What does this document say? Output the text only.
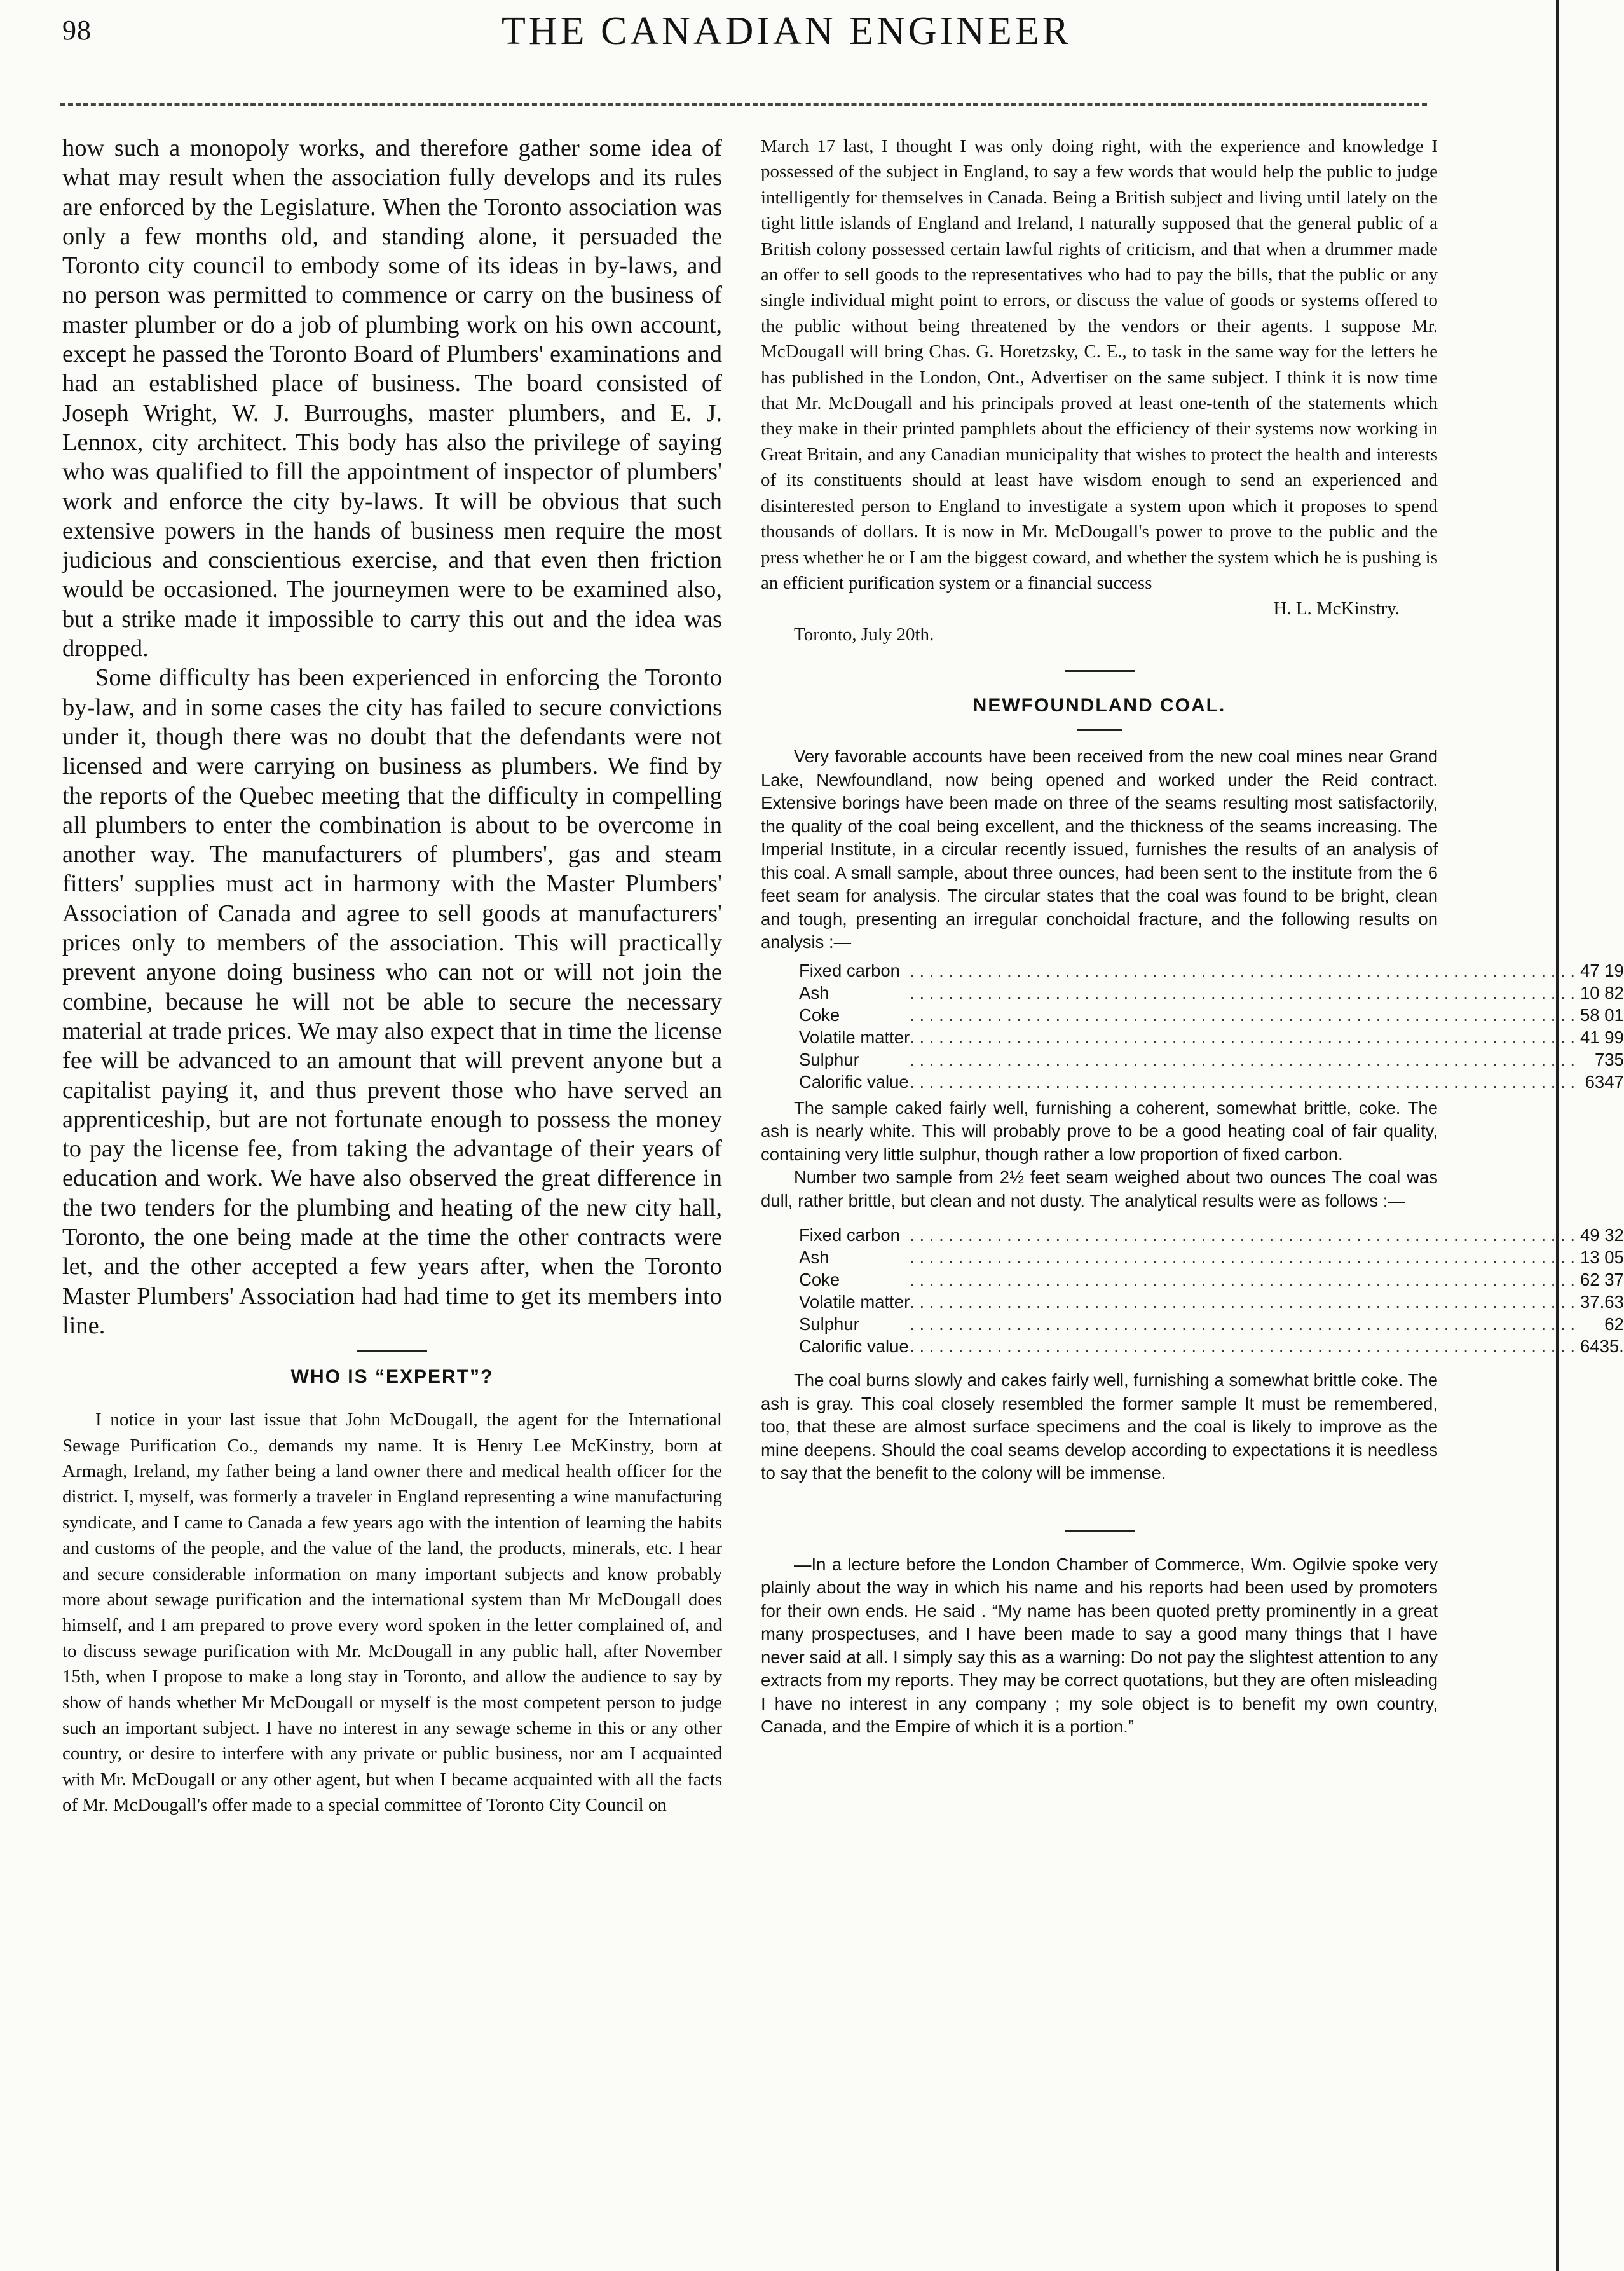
98	THE CANADIAN ENGINEER

how such a monopoly works, and therefore gather some idea of what may result when the association fully develops and its rules are enforced by the Legislature. When the Toronto association was only a few months old, and standing alone, it persuaded the Toronto city council to embody some of its ideas in by-laws, and no person was permitted to commence or carry on the business of master plumber or do a job of plumbing work on his own account, except he passed the Toronto Board of Plumbers' examinations and had an established place of business. The board consisted of Joseph Wright, W. J. Burroughs, master plumbers, and E. J. Lennox, city architect. This body has also the privilege of saying who was qualified to fill the appointment of inspector of plumbers' work and enforce the city by-laws. It will be obvious that such extensive powers in the hands of business men require the most judicious and conscientious exercise, and that even then friction would be occasioned. The journeymen were to be examined also, but a strike made it impossible to carry this out and the idea was dropped.

Some difficulty has been experienced in enforcing the Toronto by-law, and in some cases the city has failed to secure convictions under it, though there was no doubt that the defendants were not licensed and were carrying on business as plumbers. We find by the reports of the Quebec meeting that the difficulty in compelling all plumbers to enter the combination is about to be overcome in another way. The manufacturers of plumbers', gas and steam fitters' supplies must act in harmony with the Master Plumbers' Association of Canada and agree to sell goods at manufacturers' prices only to members of the association. This will practically prevent anyone doing business who can not or will not join the combine, because he will not be able to secure the necessary material at trade prices. We may also expect that in time the license fee will be advanced to an amount that will prevent anyone but a capitalist paying it, and thus prevent those who have served an apprenticeship, but are not fortunate enough to possess the money to pay the license fee, from taking the advantage of their years of education and work. We have also observed the great difference in the two tenders for the plumbing and heating of the new city hall, Toronto, the one being made at the time the other contracts were let, and the other accepted a few years after, when the Toronto Master Plumbers' Association had had time to get its members into line.

WHO IS “EXPERT”?

I notice in your last issue that John McDougall, the agent for the International Sewage Purification Co., demands my name. It is Henry Lee McKinstry, born at Armagh, Ireland, my father being a land owner there and medical health officer for the district. I, myself, was formerly a traveler in England representing a wine manufacturing syndicate, and I came to Canada a few years ago with the intention of learning the habits and customs of the people, and the value of the land, the products, minerals, etc. I hear and secure considerable information on many important subjects and know probably more about sewage purification and the international system than Mr McDougall does himself, and I am prepared to prove every word spoken in the letter complained of, and to discuss sewage purification with Mr. McDougall in any public hall, after November 15th, when I propose to make a long stay in Toronto, and allow the audience to say by show of hands whether Mr McDougall or myself is the most competent person to judge such an important subject. I have no interest in any sewage scheme in this or any other country, or desire to interfere with any private or public business, nor am I acquainted with Mr. McDougall or any other agent, but when I became acquainted with all the facts of Mr. McDougall's offer made to a special committee of Toronto City Council on

March 17 last, I thought I was only doing right, with the experience and knowledge I possessed of the subject in England, to say a few words that would help the public to judge intelligently for themselves in Canada. Being a British subject and living until lately on the tight little islands of England and Ireland, I naturally supposed that the general public of a British colony possessed certain lawful rights of criticism, and that when a drummer made an offer to sell goods to the representatives who had to pay the bills, that the public or any single individual might point to errors, or discuss the value of goods or systems offered to the public without being threatened by the vendors or their agents. I suppose Mr. McDougall will bring Chas. G. Horetzsky, C. E., to task in the same way for the letters he has published in the London, Ont., Advertiser on the same subject. I think it is now time that Mr. McDougall and his principals proved at least one-tenth of the statements which they make in their printed pamphlets about the efficiency of their systems now working in Great Britain, and any Canadian municipality that wishes to protect the health and interests of its constituents should at least have wisdom enough to send an experienced and disinterested person to England to investigate a system upon which it proposes to spend thousands of dollars. It is now in Mr. McDougall's power to prove to the public and the press whether he or I am the biggest coward, and whether the system which he is pushing is an efficient purification system or a financial success

H. L. McKinstry.

Toronto, July 20th.

NEWFOUNDLAND COAL.

Very favorable accounts have been received from the new coal mines near Grand Lake, Newfoundland, now being opened and worked under the Reid contract. Extensive borings have been made on three of the seams resulting most satisfactorily, the quality of the coal being excellent, and the thickness of the seams increasing. The Imperial Institute, in a circular recently issued, furnishes the results of an analysis of this coal. A small sample, about three ounces, had been sent to the institute from the 6 feet seam for analysis. The circular states that the coal was found to be bright, clean and tough, presenting an irregular conchoidal fracture, and the following results on analysis :—

Fixed carbon	. . .	47 19
Ash	. . .	10 82
Coke	. . .	58 01
Volatile matter	. . .	41 99
Sulphur	. . .	735
Calorific value	. . .	6347

The sample caked fairly well, furnishing a coherent, somewhat brittle, coke. The ash is nearly white. This will probably prove to be a good heating coal of fair quality, containing very little sulphur, though rather a low proportion of fixed carbon.

Number two sample from 2½ feet seam weighed about two ounces The coal was dull, rather brittle, but clean and not dusty. The analytical results were as follows :—

Fixed carbon	. . .	49 32
Ash	. . .	13 05
Coke	. . .	62 37
Volatile matter	. . .	37.63
Sulphur	. . .	62
Calorific value	. . .	6435.

The coal burns slowly and cakes fairly well, furnishing a somewhat brittle coke. The ash is gray. This coal closely resembled the former sample It must be remembered, too, that these are almost surface specimens and the coal is likely to improve as the mine deepens. Should the coal seams develop according to expectations it is needless to say that the benefit to the colony will be immense.

—In a lecture before the London Chamber of Commerce, Wm. Ogilvie spoke very plainly about the way in which his name and his reports had been used by promoters for their own ends. He said . “My name has been quoted pretty prominently in a great many prospectuses, and I have been made to say a good many things that I have never said at all. I simply say this as a warning: Do not pay the slightest attention to any extracts from my reports. They may be correct quotations, but they are often misleading I have no interest in any company ; my sole object is to benefit my own country, Canada, and the Empire of which it is a portion.”
